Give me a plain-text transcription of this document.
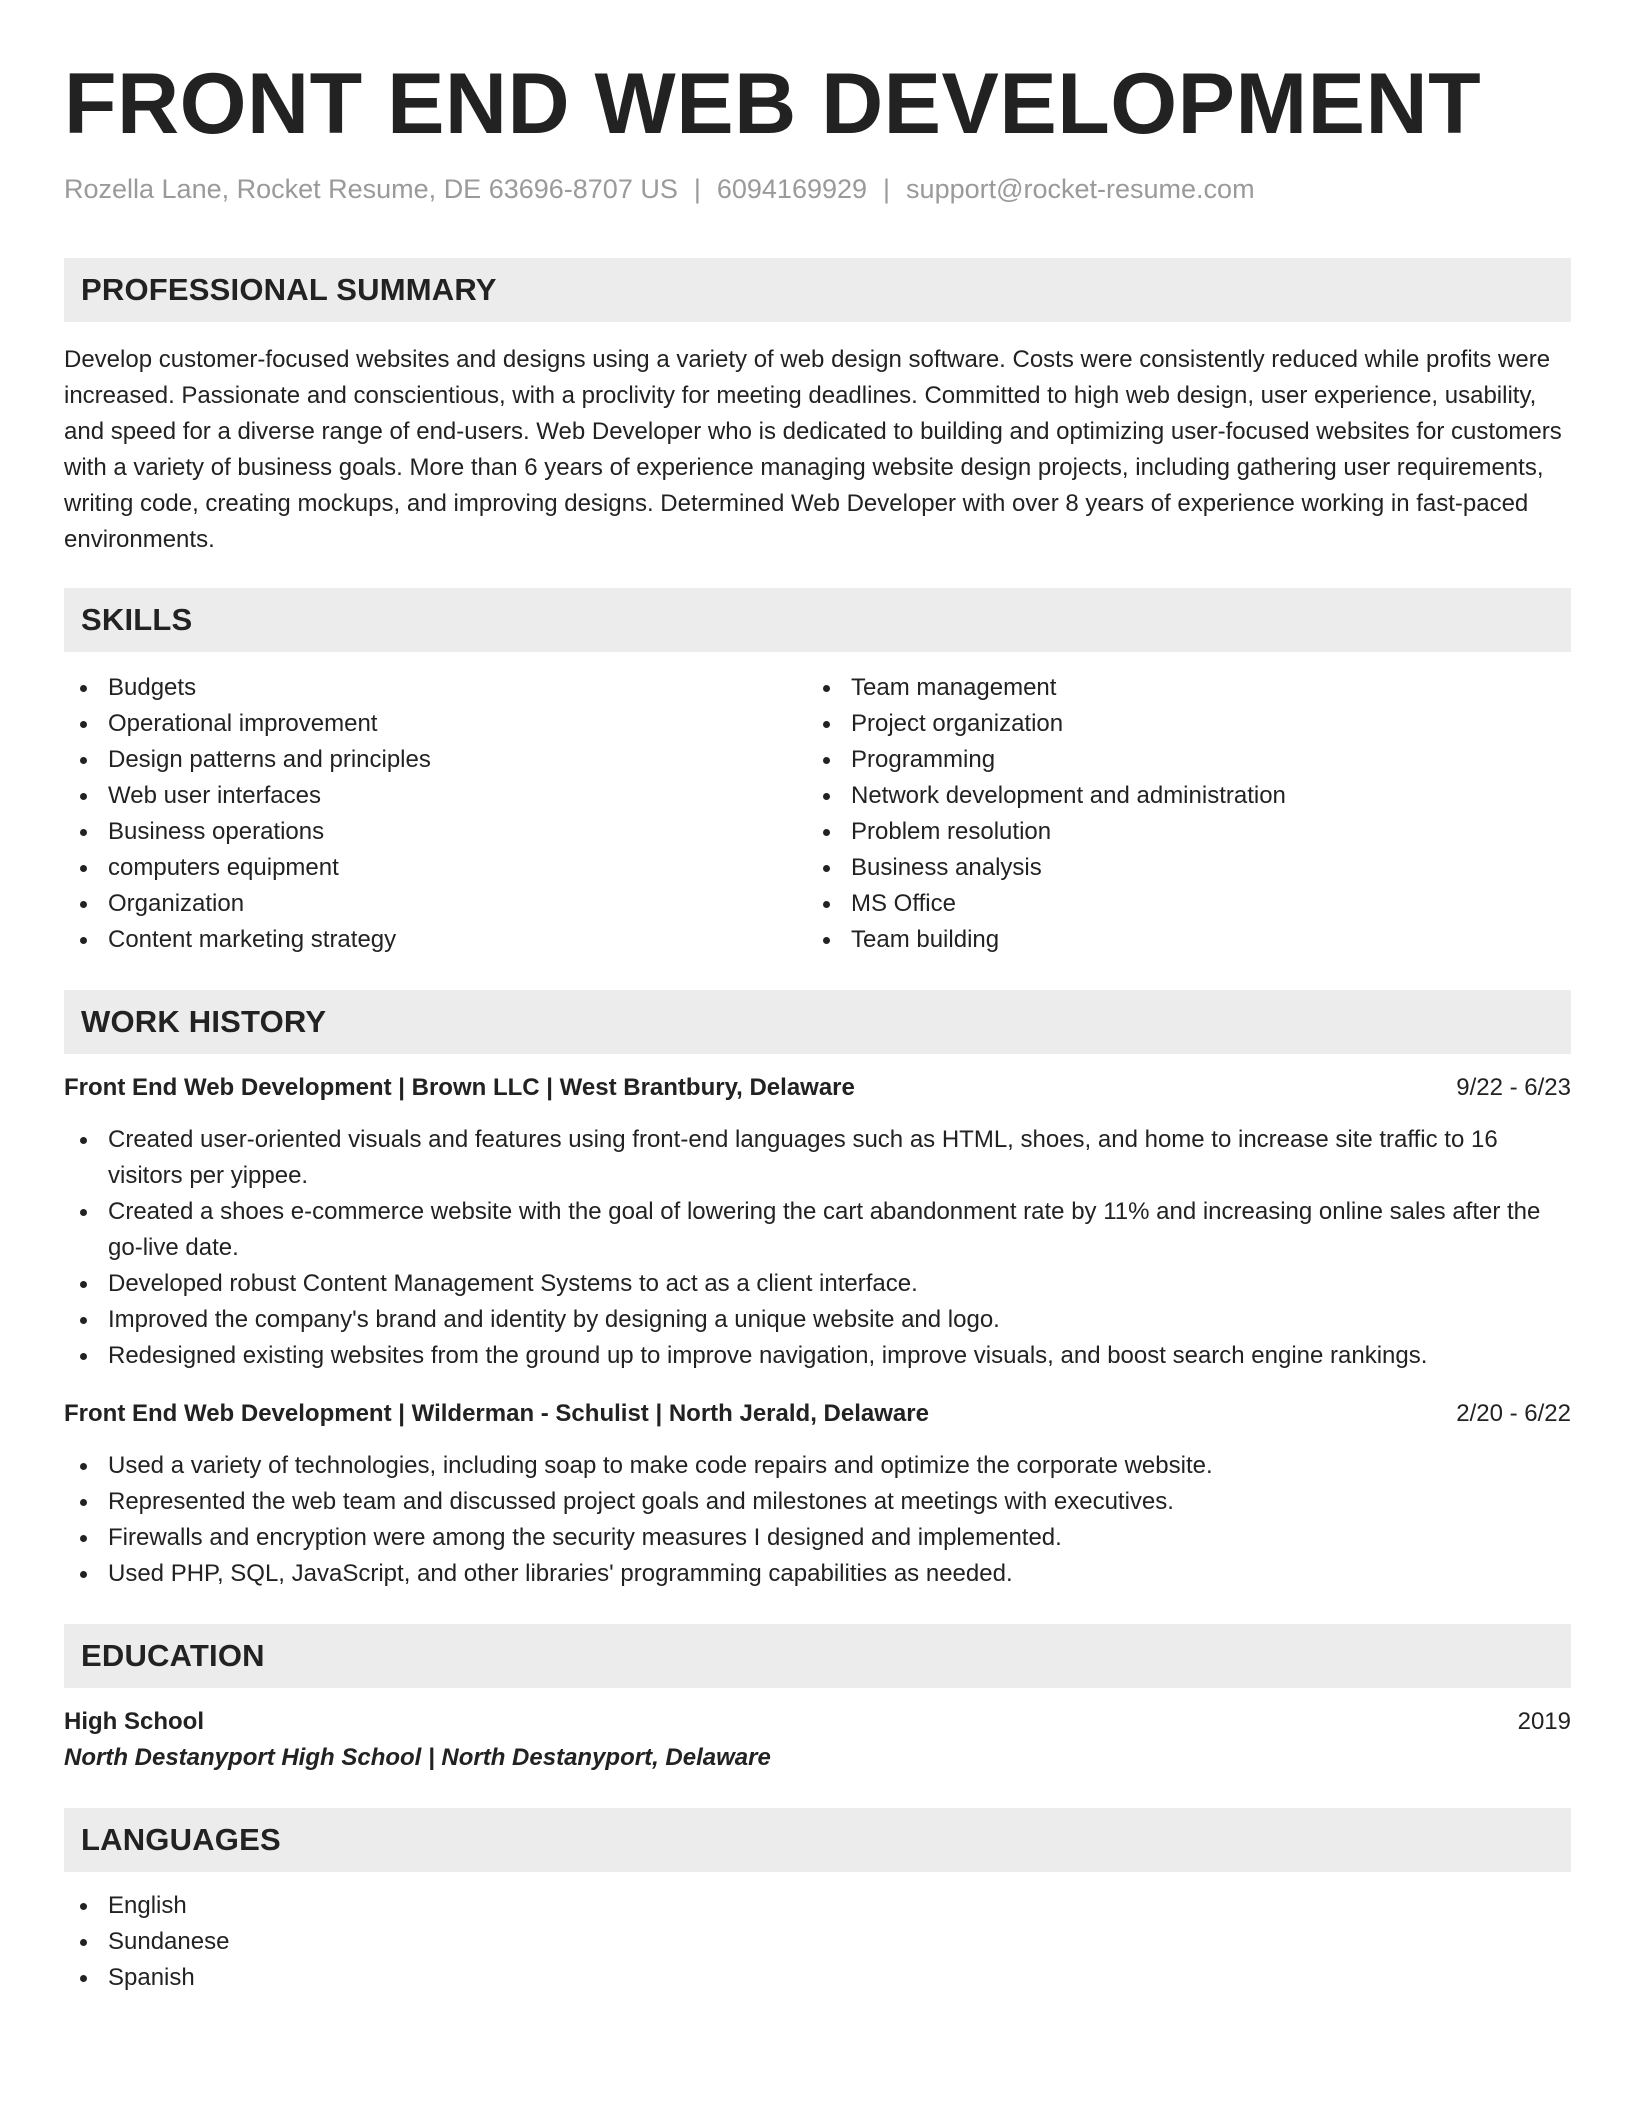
FRONT END WEB DEVELOPMENT
Rozella Lane, Rocket Resume, DE 63696-8707 US | 6094169929 | support@rocket-resume.com
PROFESSIONAL SUMMARY

Develop customer-focused websites and designs using a variety of web design software. Costs were consistently reduced while profits were increased. Passionate and conscientious, with a proclivity for meeting deadlines. Committed to high web design, user experience, usability, and speed for a diverse range of end-users. Web Developer who is dedicated to building and optimizing user-focused websites for customers with a variety of business goals. More than 6 years of experience managing website design projects, including gathering user requirements, writing code, creating mockups, and improving designs. Determined Web Developer with over 8 years of experience working in fast-paced environments.

SKILLS
Budgets
Operational improvement
Design patterns and principles
Web user interfaces
Business operations
computers equipment
Organization
Content marketing strategy
Team management
Project organization
Programming
Network development and administration
Problem resolution
Business analysis
MS Office
Team building
WORK HISTORY
Front End Web Development | Brown LLC | West Brantbury, Delaware	9/22 - 6/23
Created user-oriented visuals and features using front-end languages such as HTML, shoes, and home to increase site traffic to 16 visitors per yippee.
Created a shoes e-commerce website with the goal of lowering the cart abandonment rate by 11% and increasing online sales after the go-live date.
Developed robust Content Management Systems to act as a client interface.
Improved the company's brand and identity by designing a unique website and logo.
Redesigned existing websites from the ground up to improve navigation, improve visuals, and boost search engine rankings.
Front End Web Development | Wilderman - Schulist | North Jerald, Delaware	2/20 - 6/22
Used a variety of technologies, including soap to make code repairs and optimize the corporate website.
Represented the web team and discussed project goals and milestones at meetings with executives.
Firewalls and encryption were among the security measures I designed and implemented.
Used PHP, SQL, JavaScript, and other libraries' programming capabilities as needed.
EDUCATION
High School	2019
North Destanyport High School | North Destanyport, Delaware
LANGUAGES
English
Sundanese
Spanish
